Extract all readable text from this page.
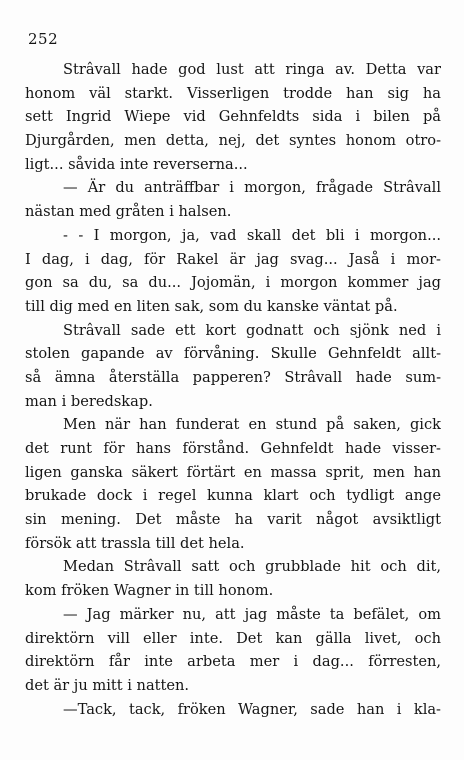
252
Strâvall hade god lust att ringa av. Detta var
honom väl starkt. Visserligen trodde han sig ha
sett Ingrid Wiepe vid Gehnfeldts sida i bilen på
Djurgården, men detta, nej, det syntes honom otro-
ligt... såvida inte reverserna...
— Är du anträffbar i morgon, frågade Strâvall
nästan med gråten i halsen.
- - I morgon, ja, vad skall det bli i morgon...
I dag, i dag, för Rakel är jag svag... Jaså i mor-
gon sa du, sa du... Jojomän, i morgon kommer jag
till dig med en liten sak, som du kanske väntat på.
Strâvall sade ett kort godnatt och sjönk ned i
stolen gapande av förvåning. Skulle Gehnfeldt allt-
så ämna återställa papperen? Strâvall hade sum-
man i beredskap.
Men när han funderat en stund på saken, gick
det runt för hans förstånd. Gehnfeldt hade visser-
ligen ganska säkert förtärt en massa sprit, men han
brukade dock i regel kunna klart och tydligt ange
sin mening. Det måste ha varit något avsiktligt
försök att trassla till det hela.
Medan Strâvall satt och grubblade hit och dit,
kom fröken Wagner in till honom.
— Jag märker nu, att jag måste ta befälet, om
direktörn vill eller inte. Det kan gälla livet, och
direktörn får inte arbeta mer i dag... förresten,
det är ju mitt i natten.
—Tack, tack, fröken Wagner, sade han i kla-
